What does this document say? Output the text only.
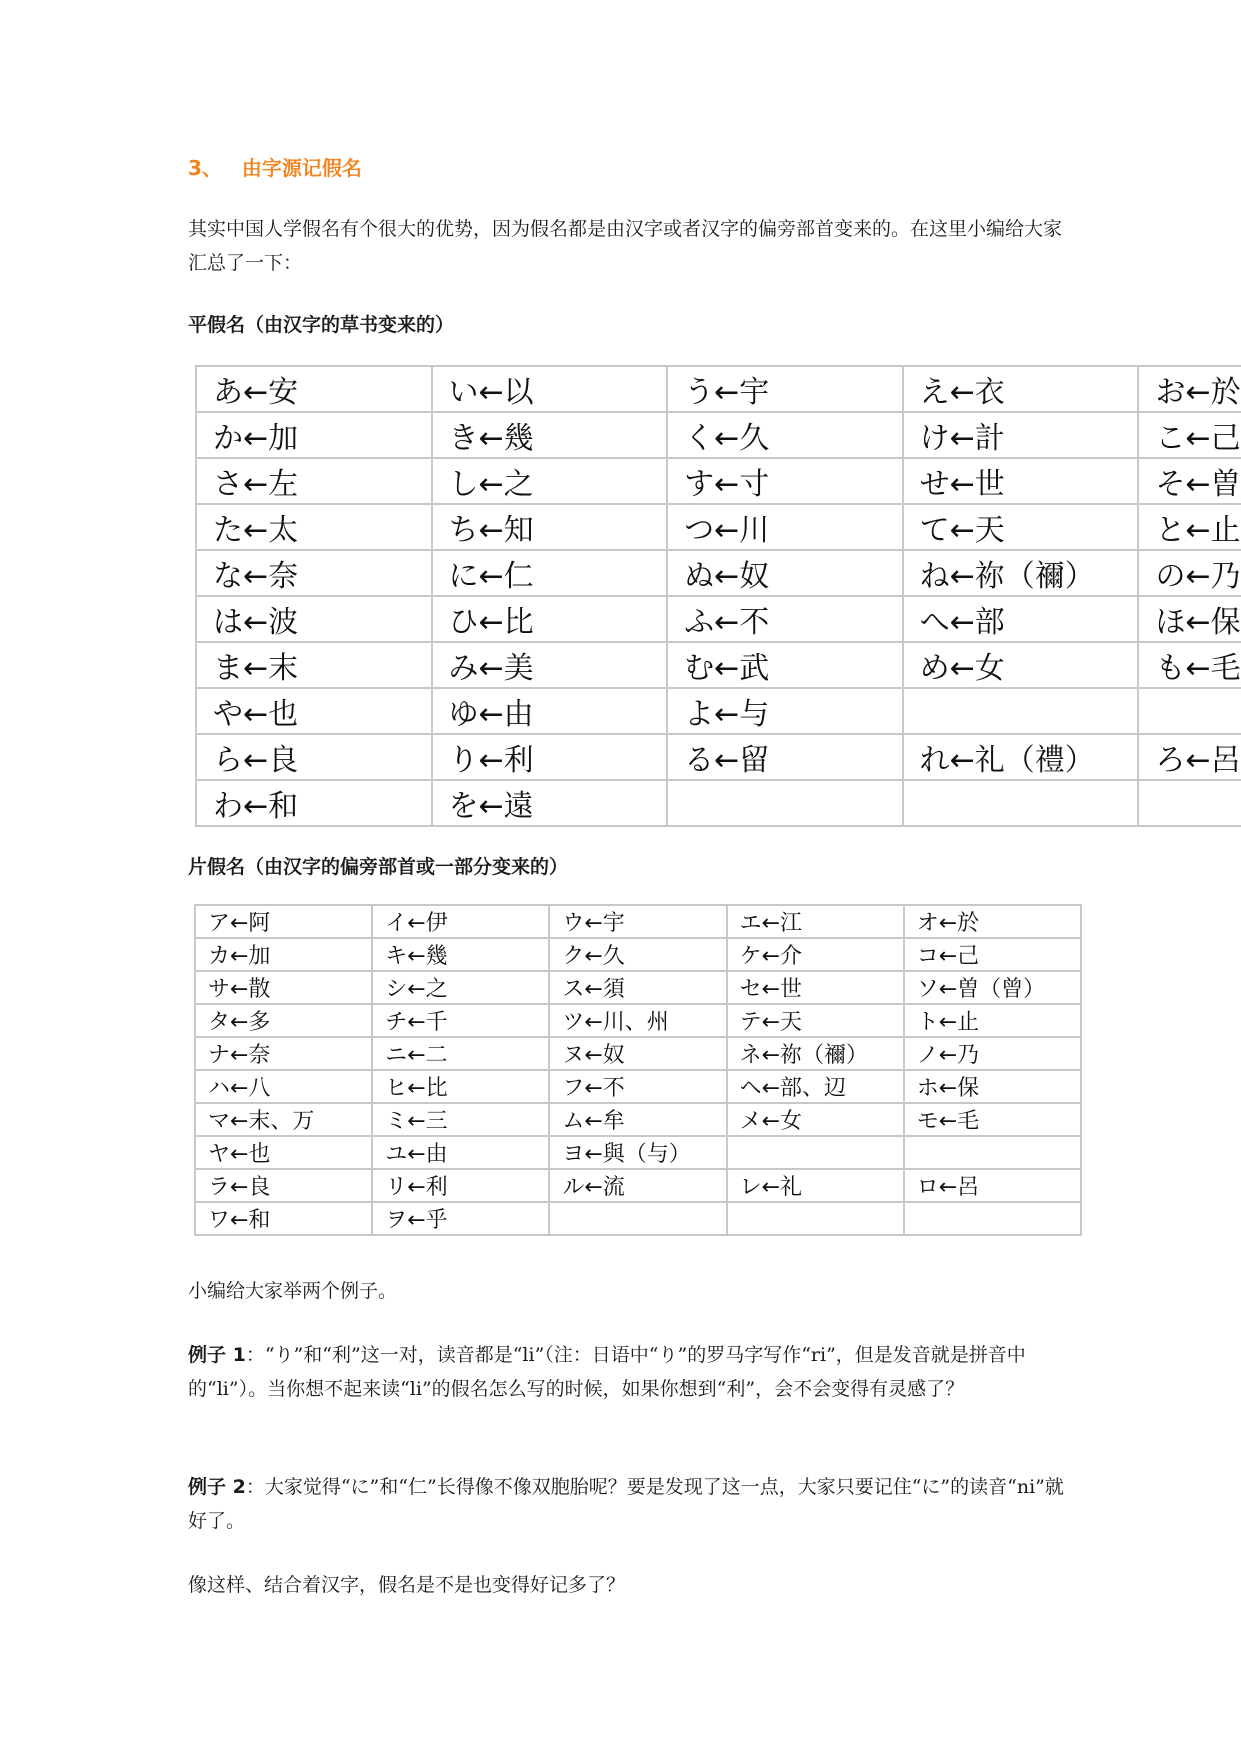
3、 由字源记假名

其实中国人学假名有个很大的优势，因为假名都是由汉字或者汉字的偏旁部首变来的。在这里小编给大家汇总了一下：

平假名（由汉字的草书变来的）
あ←安	い←以	う←宇	え←衣	お←於
か←加	き←幾	く←久	け←計	こ←己
さ←左	し←之	す←寸	せ←世	そ←曽
た←太	ち←知	つ←川	て←天	と←止
な←奈	に←仁	ぬ←奴	ね←祢（禰）	の←乃
は←波	ひ←比	ふ←不	へ←部	ほ←保
ま←末	み←美	む←武	め←女	も←毛
や←也	ゆ←由	よ←与		
ら←良	り←利	る←留	れ←礼（禮）	ろ←呂
わ←和	を←遠			
片假名（由汉字的偏旁部首或一部分变来的）
ア←阿	イ←伊	ウ←宇	エ←江	オ←於
カ←加	キ←幾	ク←久	ケ←介	コ←己
サ←散	シ←之	ス←須	セ←世	ソ←曽（曾）
タ←多	チ←千	ツ←川、州	テ←天	ト←止
ナ←奈	ニ←二	ヌ←奴	ネ←祢（禰）	ノ←乃
ハ←八	ヒ←比	フ←不	ヘ←部、辺	ホ←保
マ←末、万	ミ←三	ム←牟	メ←女	モ←毛
ヤ←也	ユ←由	ヨ←與（与）		
ラ←良	リ←利	ル←流	レ←礼	ロ←呂
ワ←和	ヲ←乎			

小编给大家举两个例子。

例子 1：“り”和“利”这一对，读音都是“li”（注：日语中“り”的罗马字写作“ri”，但是发音就是拼音中的“li”）。当你想不起来读“li”的假名怎么写的时候，如果你想到“利”，会不会变得有灵感了？

例子 2：大家觉得“に”和“仁”长得像不像双胞胎呢？要是发现了这一点，大家只要记住“に”的读音“ni”就好了。

像这样、结合着汉字，假名是不是也变得好记多了？
